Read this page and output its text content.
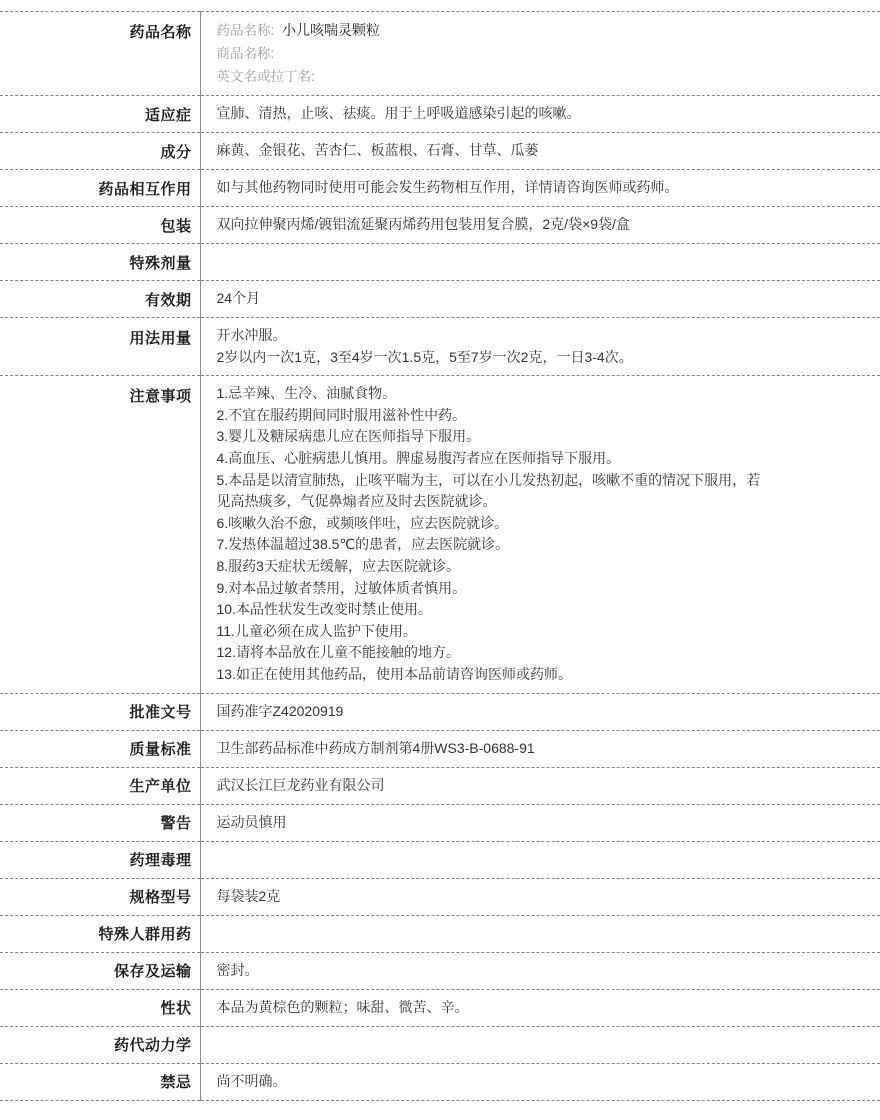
药品名称	药品名称: 小儿咳喘灵颗粒
商品名称:
英文名或拉丁名:

适应症	宣肺、清热，止咳、祛痰。用于上呼吸道感染引起的咳嗽。

成分	麻黄、金银花、苦杏仁、板蓝根、石膏、甘草、瓜蒌

药品相互作用	如与其他药物同时使用可能会发生药物相互作用，详情请咨询医师或药师。

包装	双向拉伸聚丙烯/镀铝流延聚丙烯药用包装用复合膜，2克/袋×9袋/盒

特殊剂量	
有效期	24个月

用法用量	开水冲服。
2岁以内一次1克，3至4岁一次1.5克，5至7岁一次2克，一日3-4次。

注意事项	1.忌辛辣、生冷、油腻食物。
2.不宜在服药期间同时服用滋补性中药。
3.婴儿及糖尿病患儿应在医师指导下服用。
4.高血压、心脏病患儿慎用。脾虚易腹泻者应在医师指导下服用。
5.本品是以清宣肺热，止咳平喘为主，可以在小儿发热初起，咳嗽不重的情况下服用，若
见高热痰多，气促鼻煽者应及时去医院就诊。
6.咳嗽久治不愈，或频咳伴吐，应去医院就诊。
7.发热体温超过38.5℃的患者，应去医院就诊。
8.服药3天症状无缓解，应去医院就诊。
9.对本品过敏者禁用，过敏体质者慎用。
10.本品性状发生改变时禁止使用。
11.儿童必须在成人监护下使用。
12.请将本品放在儿童不能接触的地方。
13.如正在使用其他药品，使用本品前请咨询医师或药师。

批准文号	国药准字Z42020919

质量标准	卫生部药品标准中药成方制剂第4册WS3-B-0688-91

生产单位	武汉长江巨龙药业有限公司

警告	运动员慎用

药理毒理	
规格型号	每袋装2克

特殊人群用药	
保存及运输	密封。

性状	本品为黄棕色的颗粒；味甜、微苦、辛。

药代动力学	
禁忌	尚不明确。
